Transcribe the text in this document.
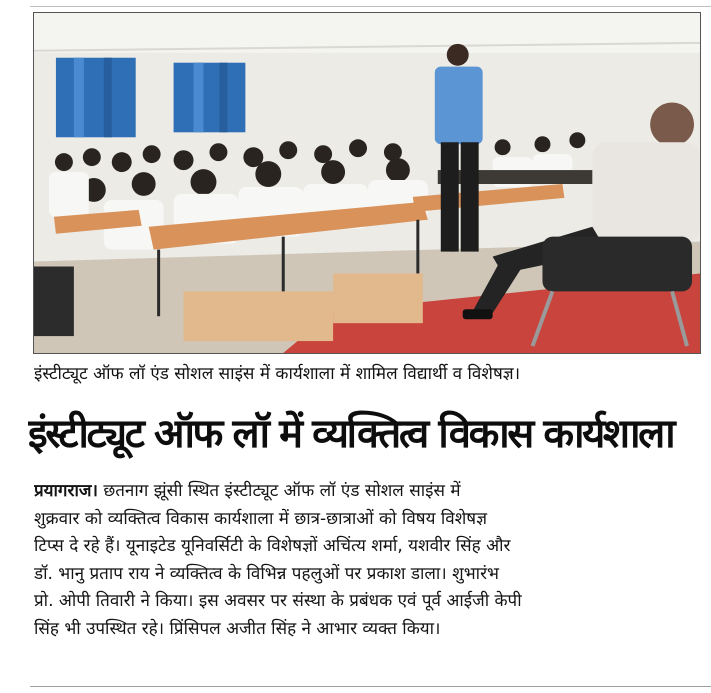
इंस्टीट्यूट ऑफ लॉ एंड सोशल साइंस में कार्यशाला में शामिल विद्यार्थी व विशेषज्ञ।
इंस्टीट्यूट ऑफ लॉ में व्यक्तित्व विकास कार्यशाला
प्रयागराज। छतनाग झूंसी स्थित इंस्टीट्यूट ऑफ लॉ एंड सोशल साइंस में
शुक्रवार को व्यक्तित्व विकास कार्यशाला में छात्र-छात्राओं को विषय विशेषज्ञ
टिप्स दे रहे हैं। यूनाइटेड यूनिवर्सिटी के विशेषज्ञों अचिंत्य शर्मा, यशवीर सिंह और
डॉ. भानु प्रताप राय ने व्यक्तित्व के विभिन्न पहलुओं पर प्रकाश डाला। शुभारंभ
प्रो. ओपी तिवारी ने किया। इस अवसर पर संस्था के प्रबंधक एवं पूर्व आईजी केपी
सिंह भी उपस्थित रहे। प्रिंसिपल अजीत सिंह ने आभार व्यक्त किया।
